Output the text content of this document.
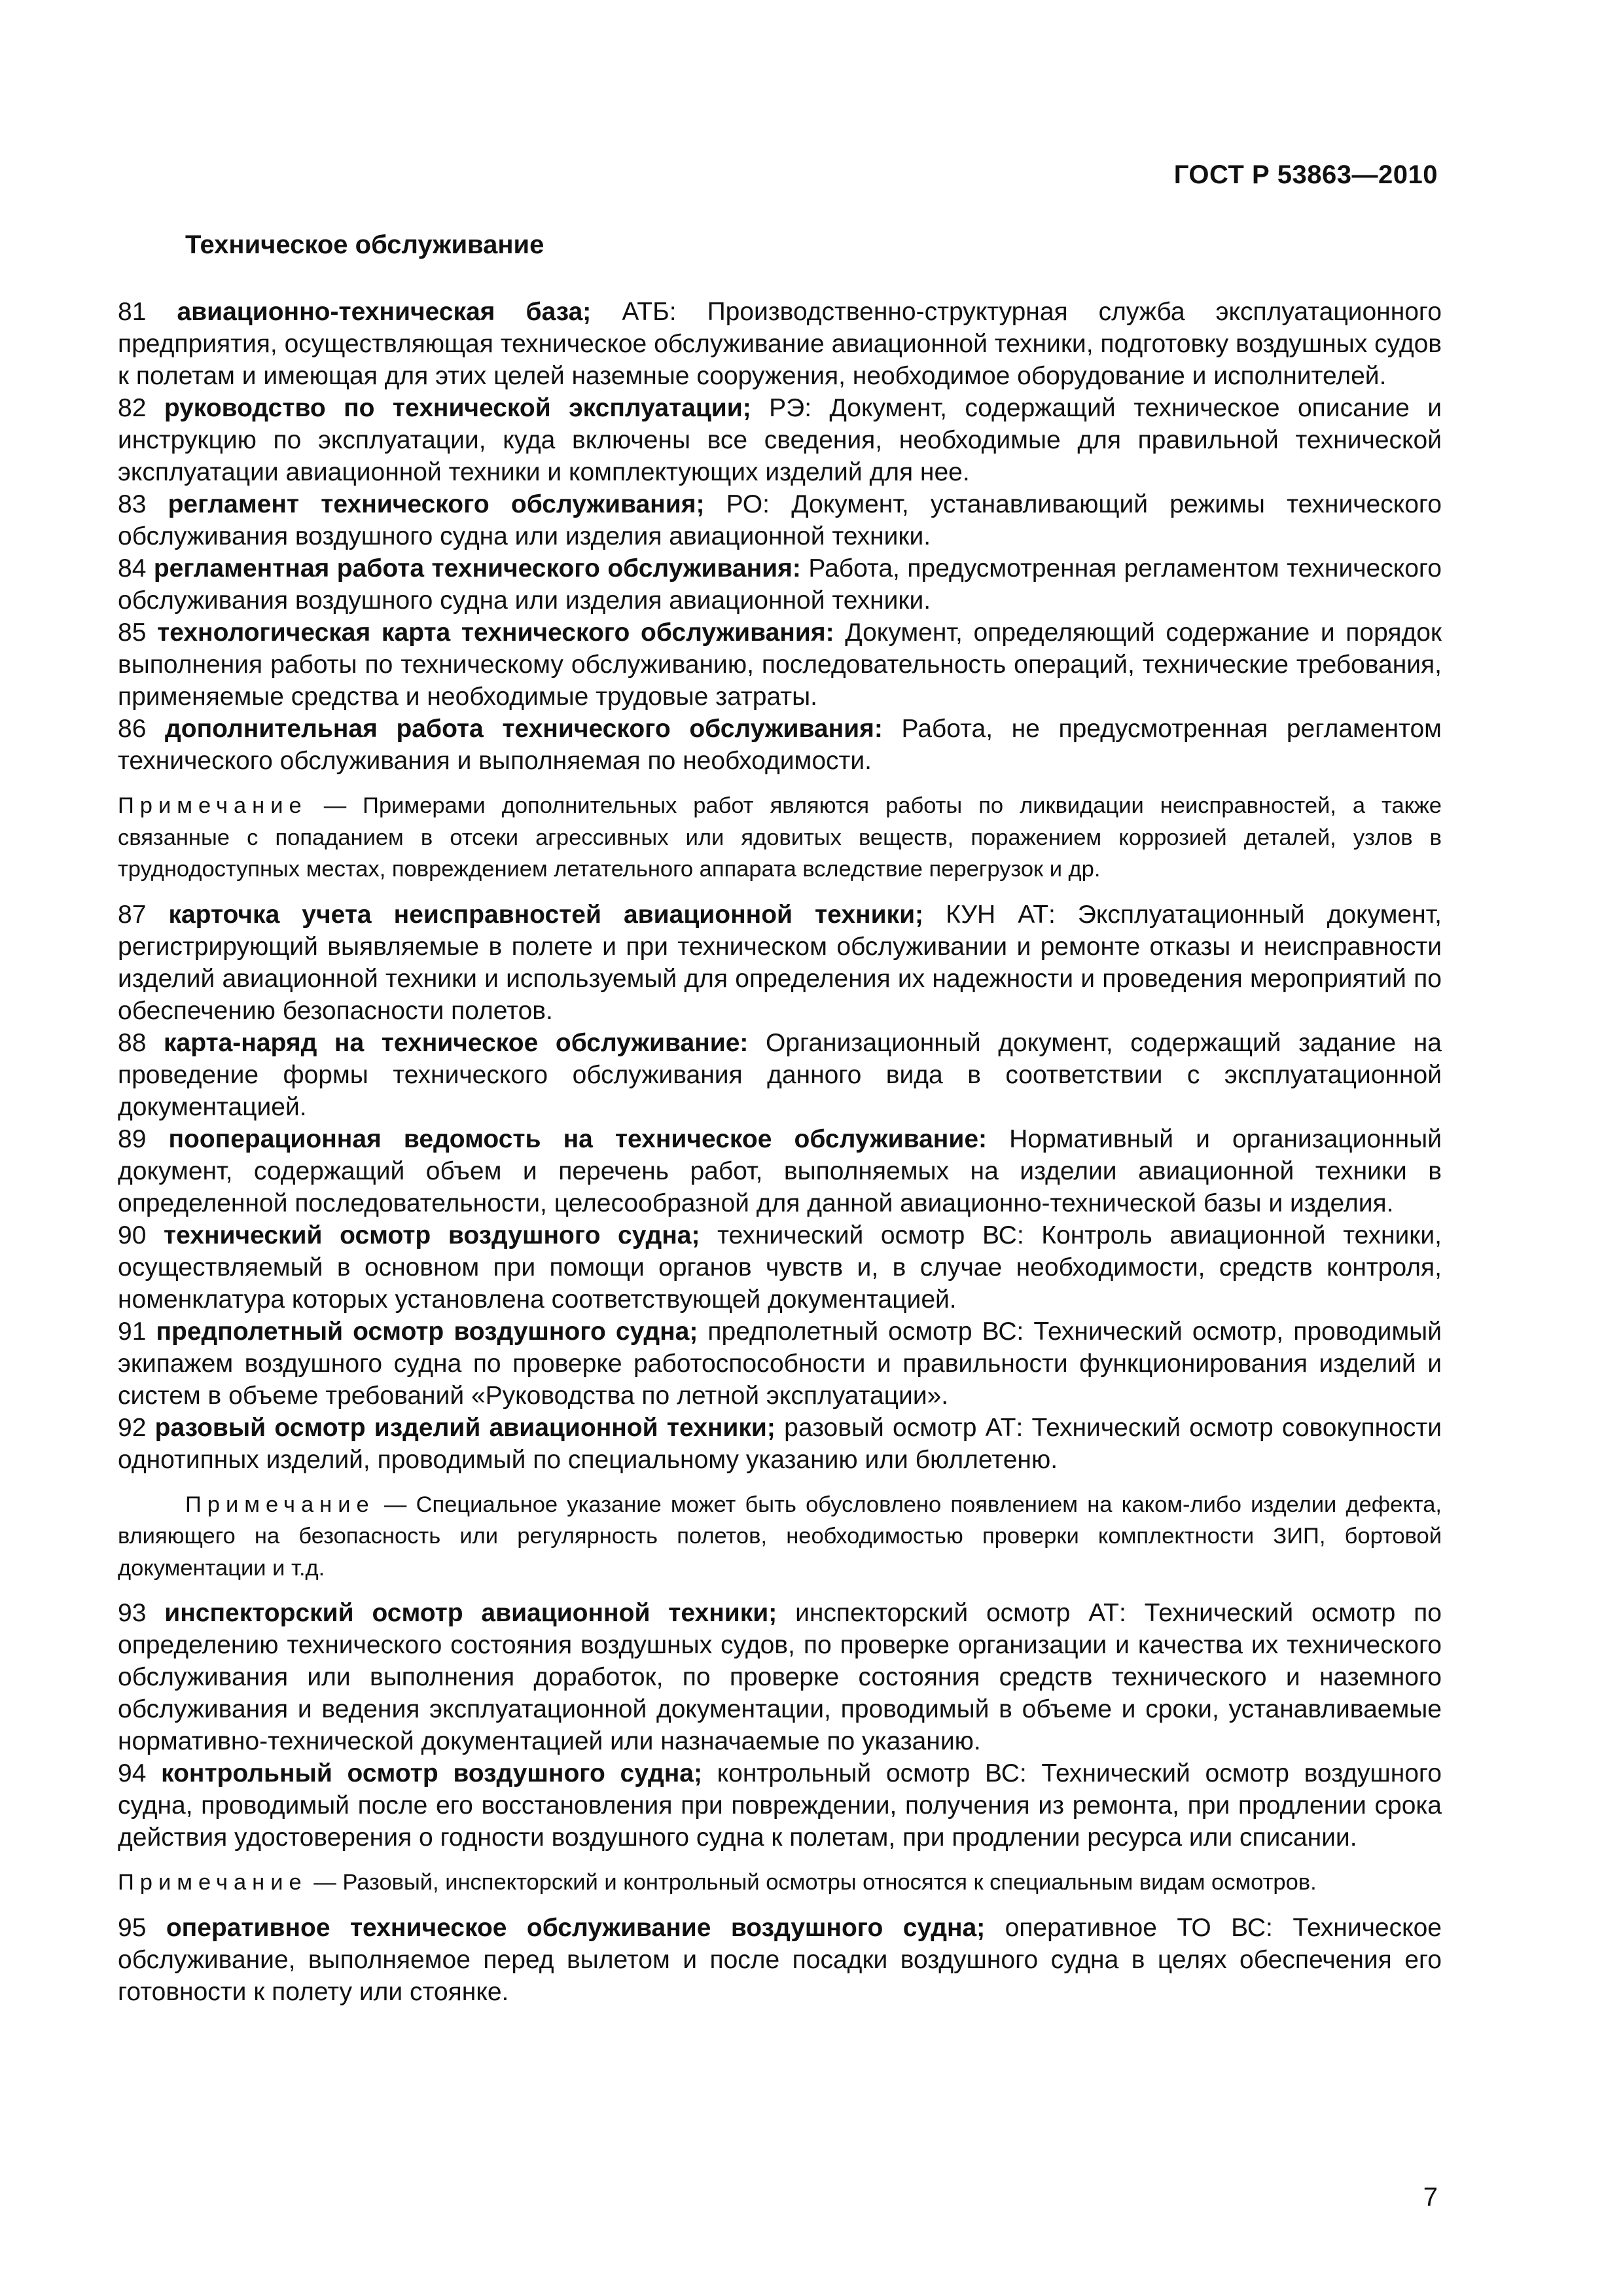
ГОСТ Р 53863—2010
Техническое обслуживание

81 авиационно-техническая база; АТБ: Производственно-структурная служба эксплуатационного предприятия, осуществляющая техническое обслуживание авиационной техники, подготовку воздушных судов к полетам и имеющая для этих целей наземные сооружения, необходимое оборудование и исполнителей.

82 руководство по технической эксплуатации; РЭ: Документ, содержащий техническое описание и инструкцию по эксплуатации, куда включены все сведения, необходимые для правильной технической эксплуатации авиационной техники и комплектующих изделий для нее.

83 регламент технического обслуживания; РО: Документ, устанавливающий режимы технического обслуживания воздушного судна или изделия авиационной техники.

84 регламентная работа технического обслуживания: Работа, предусмотренная регламентом технического обслуживания воздушного судна или изделия авиационной техники.

85 технологическая карта технического обслуживания: Документ, определяющий содержание и порядок выполнения работы по техническому обслуживанию, последовательность операций, технические требования, применяемые средства и необходимые трудовые затраты.

86 дополнительная работа технического обслуживания: Работа, не предусмотренная регламентом технического обслуживания и выполняемая по необходимости.

Примечание — Примерами дополнительных работ являются работы по ликвидации неисправностей, а также связанные с попаданием в отсеки агрессивных или ядовитых веществ, поражением коррозией деталей, узлов в труднодоступных местах, повреждением летательного аппарата вследствие перегрузок и др.

87 карточка учета неисправностей авиационной техники; КУН АТ: Эксплуатационный документ, регистрирующий выявляемые в полете и при техническом обслуживании и ремонте отказы и неисправности изделий авиационной техники и используемый для определения их надежности и проведения мероприятий по обеспечению безопасности полетов.

88 карта-наряд на техническое обслуживание: Организационный документ, содержащий задание на проведение формы технического обслуживания данного вида в соответствии с эксплуатационной документацией.

89 пооперационная ведомость на техническое обслуживание: Нормативный и организационный документ, содержащий объем и перечень работ, выполняемых на изделии авиационной техники в определенной последовательности, целесообразной для данной авиационно-технической базы и изделия.

90 технический осмотр воздушного судна; технический осмотр ВС: Контроль авиационной техники, осуществляемый в основном при помощи органов чувств и, в случае необходимости, средств контроля, номенклатура которых установлена соответствующей документацией.

91 предполетный осмотр воздушного судна; предполетный осмотр ВС: Технический осмотр, проводимый экипажем воздушного судна по проверке работоспособности и правильности функционирования изделий и систем в объеме требований «Руководства по летной эксплуатации».

92 разовый осмотр изделий авиационной техники; разовый осмотр АТ: Технический осмотр совокупности однотипных изделий, проводимый по специальному указанию или бюллетеню.

Примечание — Специальное указание может быть обусловлено появлением на каком-либо изделии дефекта, влияющего на безопасность или регулярность полетов, необходимостью проверки комплектности ЗИП, бортовой документации и т.д.

93 инспекторский осмотр авиационной техники; инспекторский осмотр АТ: Технический осмотр по определению технического состояния воздушных судов, по проверке организации и качества их технического обслуживания или выполнения доработок, по проверке состояния средств технического и наземного обслуживания и ведения эксплуатационной документации, проводимый в объеме и сроки, устанавливаемые нормативно-технической документацией или назначаемые по указанию.

94 контрольный осмотр воздушного судна; контрольный осмотр ВС: Технический осмотр воздушного судна, проводимый после его восстановления при повреждении, получения из ремонта, при продлении срока действия удостоверения о годности воздушного судна к полетам, при продлении ресурса или списании.

Примечание — Разовый, инспекторский и контрольный осмотры относятся к специальным видам осмотров.

95 оперативное техническое обслуживание воздушного судна; оперативное ТО ВС: Техническое обслуживание, выполняемое перед вылетом и после посадки воздушного судна в целях обеспечения его готовности к полету или стоянке.

7
